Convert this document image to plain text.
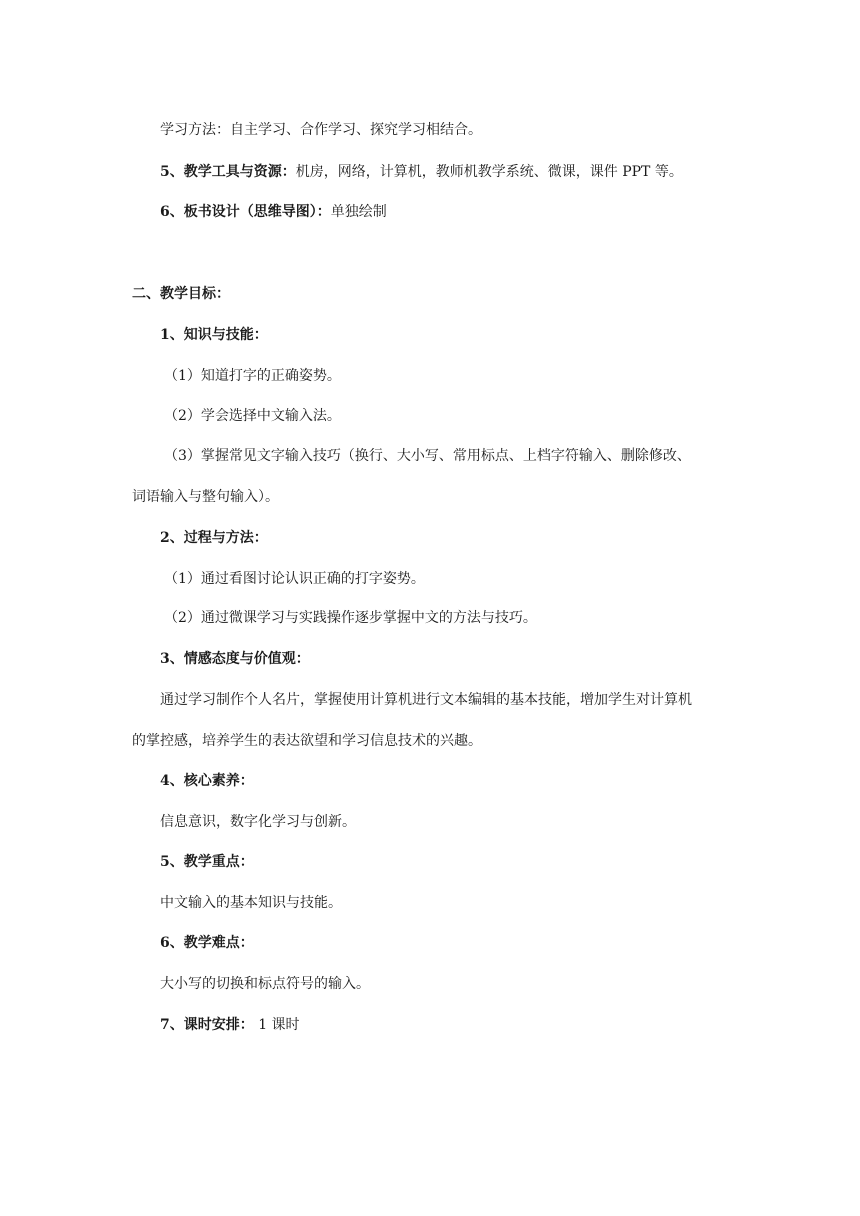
学习方法：自主学习、合作学习、探究学习相结合。
5、教学工具与资源：机房，网络，计算机，教师机教学系统、微课，课件 PPT 等。
6、板书设计（思维导图）：单独绘制
二、教学目标：
1、知识与技能：
（1）知道打字的正确姿势。
（2）学会选择中文输入法。
（3）掌握常见文字输入技巧（换行、大小写、常用标点、上档字符输入、删除修改、
词语输入与整句输入）。
2、过程与方法：
（1）通过看图讨论认识正确的打字姿势。
（2）通过微课学习与实践操作逐步掌握中文的方法与技巧。
3、情感态度与价值观：
通过学习制作个人名片，掌握使用计算机进行文本编辑的基本技能，增加学生对计算机
的掌控感，培养学生的表达欲望和学习信息技术的兴趣。
4、核心素养：
信息意识，数字化学习与创新。
5、教学重点：
中文输入的基本知识与技能。
6、教学难点：
大小写的切换和标点符号的输入。
7、课时安排： 1 课时
